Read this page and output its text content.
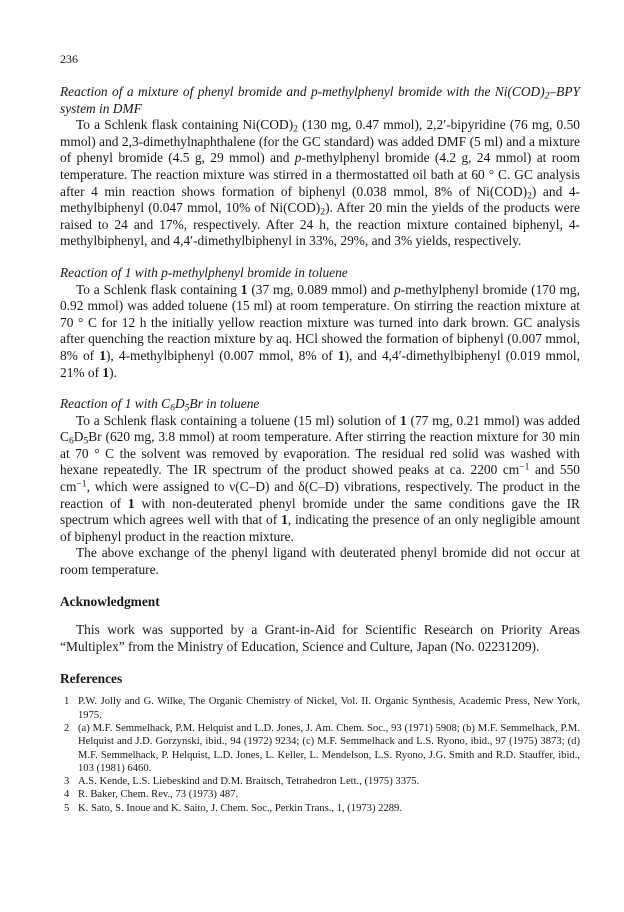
236

Reaction of a mixture of phenyl bromide and p-methylphenyl bromide with the $Ni(COD)_2$–BPY system in DMF

To a Schlenk flask containing $Ni(COD)_2$ (130 mg, 0.47 mmol), 2,2′-bipyridine (76 mg, 0.50 mmol) and 2,3-dimethylnaphthalene (for the GC standard) was added DMF (5 ml) and a mixture of phenyl bromide (4.5 g, 29 mmol) and p-methylphenyl bromide (4.2 g, 24 mmol) at room temperature. The reaction mixture was stirred in a thermostatted oil bath at 60 ° C. GC analysis after 4 min reaction shows formation of biphenyl (0.038 mmol, 8% of $Ni(COD)_2$) and 4-methylbiphenyl (0.047 mmol, 10% of $Ni(COD)_2$). After 20 min the yields of the products were raised to 24 and 17%, respectively. After 24 h, the reaction mixture contained biphenyl, 4-methylbiphenyl, and 4,4′-dimethylbiphenyl in 33%, 29%, and 3% yields, respectively.

Reaction of 1 with p-methylphenyl bromide in toluene

To a Schlenk flask containing 1 (37 mg, 0.089 mmol) and p-methylphenyl bromide (170 mg, 0.92 mmol) was added toluene (15 ml) at room temperature. On stirring the reaction mixture at 70 ° C for 12 h the initially yellow reaction mixture was turned into dark brown. GC analysis after quenching the reaction mixture by aq. HCl showed the formation of biphenyl (0.007 mmol, 8% of 1), 4-methylbiphenyl (0.007 mmol, 8% of 1), and 4,4′-dimethylbiphenyl (0.019 mmol, 21% of 1).

Reaction of 1 with $C_6D_5Br$ in toluene

To a Schlenk flask containing a toluene (15 ml) solution of 1 (77 mg, 0.21 mmol) was added $C_6D_5Br$ (620 mg, 3.8 mmol) at room temperature. After stirring the reaction mixture for 30 min at 70 ° C the solvent was removed by evaporation. The residual red solid was washed with hexane repeatedly. The IR spectrum of the product showed peaks at ca. 2200 $cm^{-1}$ and 550 $cm^{-1}$, which were assigned to ν(C–D) and δ(C–D) vibrations, respectively. The product in the reaction of 1 with non-deuterated phenyl bromide under the same conditions gave the IR spectrum which agrees well with that of 1, indicating the presence of an only negligible amount of biphenyl product in the reaction mixture.

The above exchange of the phenyl ligand with deuterated phenyl bromide did not occur at room temperature.

Acknowledgment

This work was supported by a Grant-in-Aid for Scientific Research on Priority Areas “Multiplex” from the Ministry of Education, Science and Culture, Japan (No. 02231209).

References

1 P.W. Jolly and G. Wilke, The Organic Chemistry of Nickel, Vol. II. Organic Synthesis, Academic Press, New York, 1975.
2 (a) M.F. Semmelhack, P.M. Helquist and L.D. Jones, J. Am. Chem. Soc., 93 (1971) 5908; (b) M.F. Semmelhack, P.M. Helquist and J.D. Gorzynski, ibid., 94 (1972) 9234; (c) M.F. Semmelhack and L.S. Ryono, ibid., 97 (1975) 3873; (d) M.F. Semmelhack, P. Helquist, L.D. Jones, L. Keller, L. Mendelson, L.S. Ryono, J.G. Smith and R.D. Stauffer, ibid., 103 (1981) 6460.
3 A.S. Kende, L.S. Liebeskind and D.M. Braitsch, Tetrahedron Lett., (1975) 3375.
4 R. Baker, Chem. Rev., 73 (1973) 487.
5 K. Sato, S. Inoue and K. Saito, J. Chem. Soc., Perkin Trans., 1, (1973) 2289.
